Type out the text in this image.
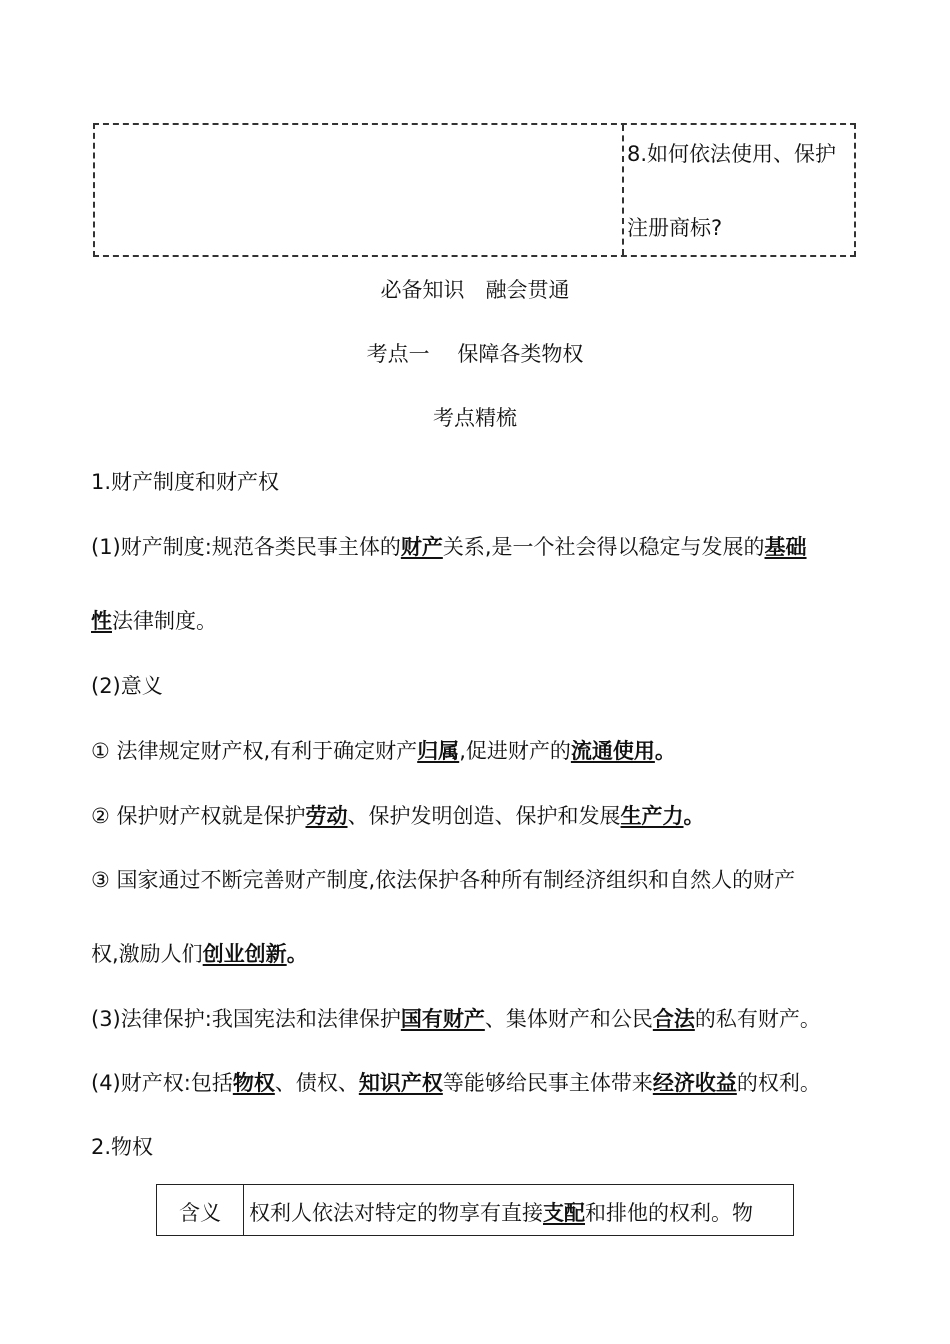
8.如何依法使用、保护
注册商标?
必备知识　融会贯通
考点一　 保障各类物权
考点精梳
1.财产制度和财产权
(1)财产制度:规范各类民事主体的财产关系,是一个社会得以稳定与发展的基础
性法律制度。
(2)意义
① 法律规定财产权,有利于确定财产归属,促进财产的流通使用。
② 保护财产权就是保护劳动、保护发明创造、保护和发展生产力。
③ 国家通过不断完善财产制度,依法保护各种所有制经济组织和自然人的财产
权,激励人们创业创新。
(3)法律保护:我国宪法和法律保护国有财产、集体财产和公民合法的私有财产。
(4)财产权:包括物权、债权、知识产权等能够给民事主体带来经济收益的权利。
2.物权
含义	权利人依法对特定的物享有直接支配和排他的权利。物
